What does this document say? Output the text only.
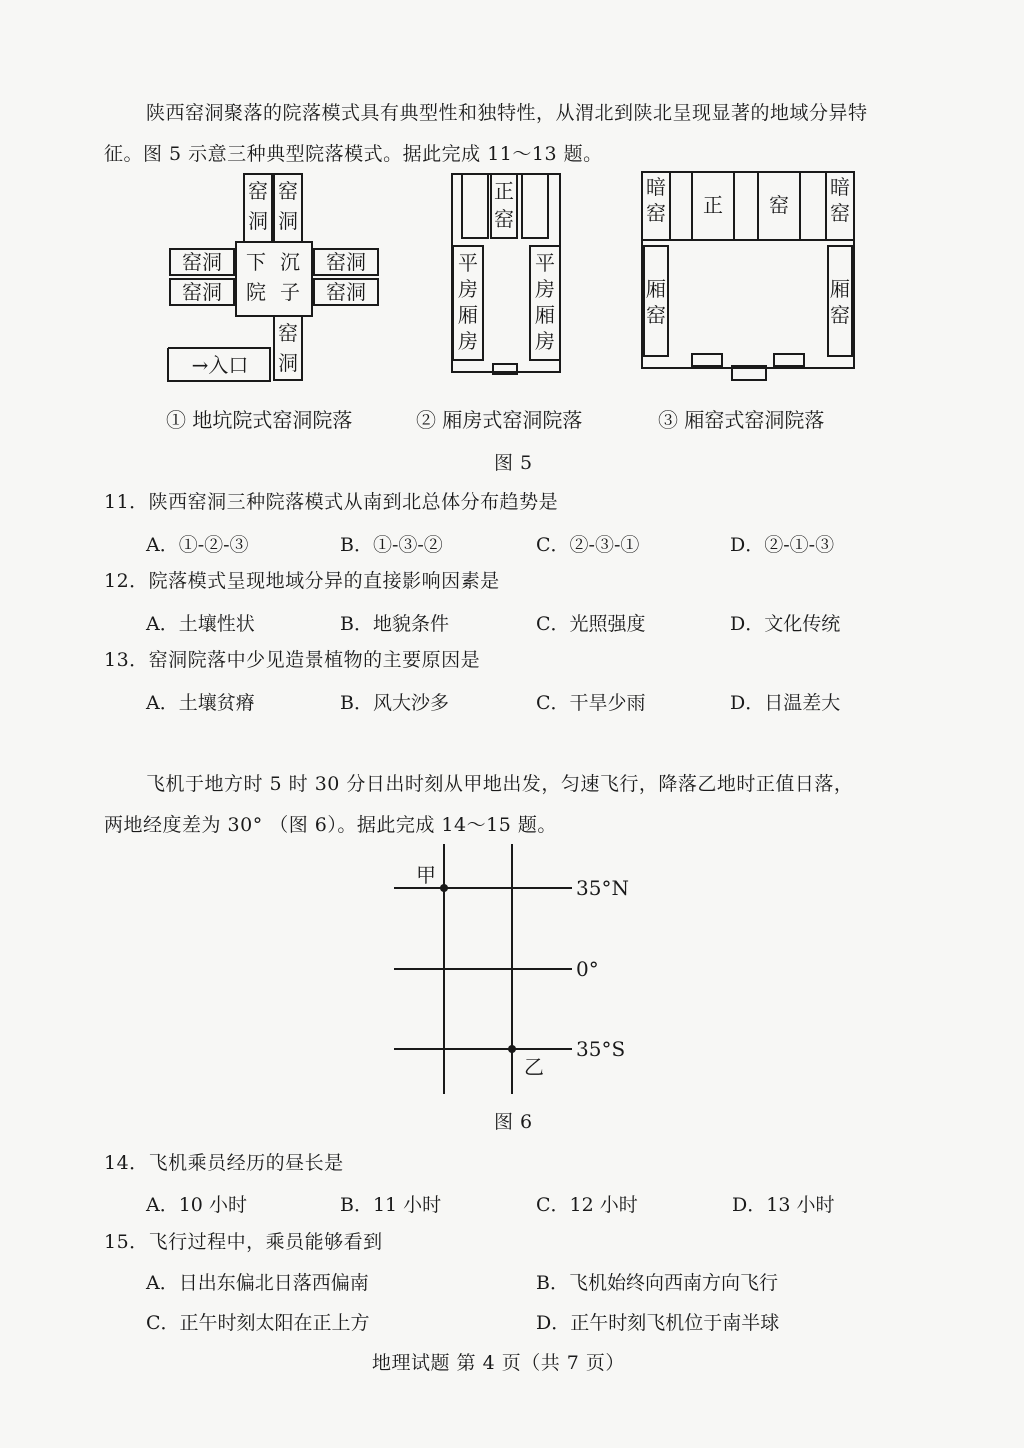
陕西窑洞聚落的院落模式具有典型性和独特性，从渭北到陕北呈现显著的地域分异特
征。图 5 示意三种典型院落模式。据此完成 11～13 题。
窑
洞
窑
洞
窑洞
窑洞
窑洞
窑洞
下 沉
院 子
窑
洞
→入口
正
窑
平
房
厢
房
平
房
厢
房
暗
窑 正 窑
暗
窑
厢
窑
厢
窑
① 地坑院式窑洞院落	② 厢房式窑洞院落	③ 厢窑式窑洞院落
图 5
11．陕西窑洞三种院落模式从南到北总体分布趋势是
A．①-②-③	B．①-③-②	C．②-③-①	D．②-①-③
12．院落模式呈现地域分异的直接影响因素是
A．土壤性状	B．地貌条件	C．光照强度	D．文化传统
13．窑洞院落中少见造景植物的主要原因是
A．土壤贫瘠	B．风大沙多	C．干旱少雨	D．日温差大
飞机于地方时 5 时 30 分日出时刻从甲地出发，匀速飞行，降落乙地时正值日落，
两地经度差为 30° （图 6）。据此完成 14～15 题。
甲
乙
35°N
0°
35°S
图 6
14．飞机乘员经历的昼长是
A．10 小时	B．11 小时	C．12 小时	D．13 小时
15．飞行过程中，乘员能够看到
A．日出东偏北日落西偏南	B．飞机始终向西南方向飞行
C．正午时刻太阳在正上方	D．正午时刻飞机位于南半球
地理试题 第 4 页（共 7 页）
